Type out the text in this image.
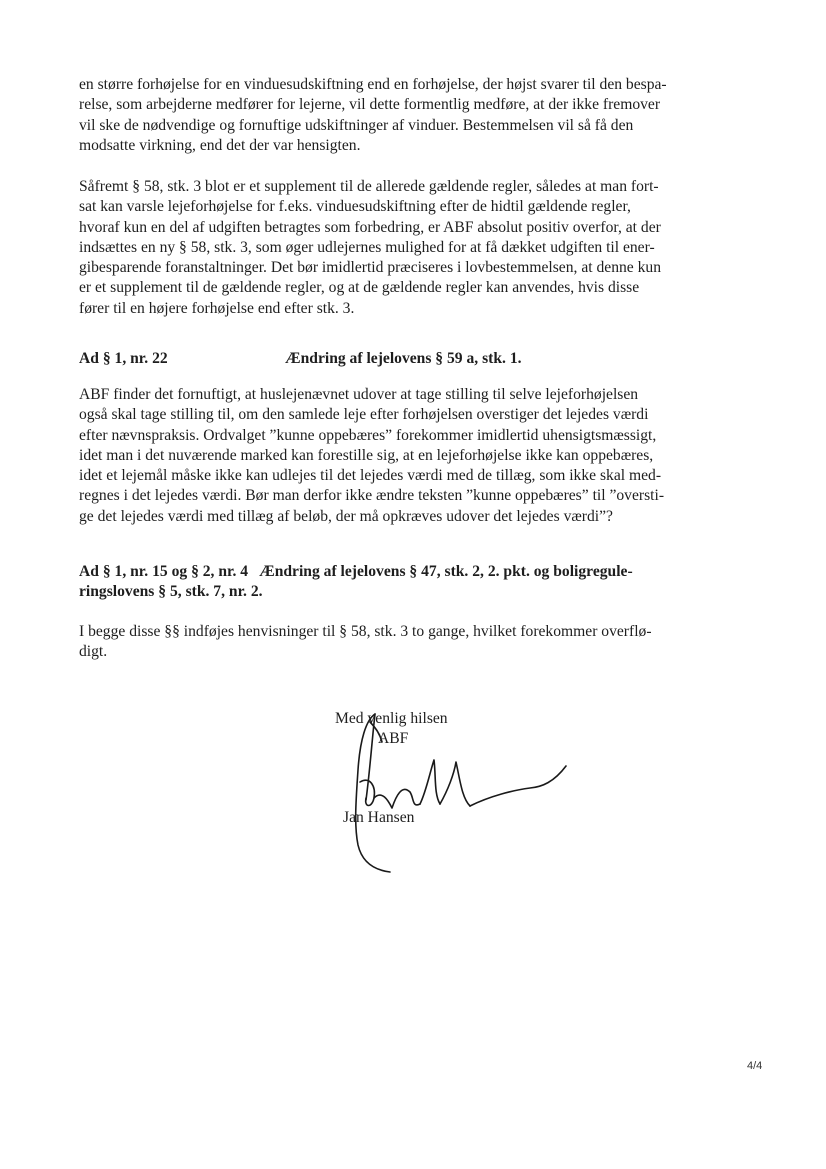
en større forhøjelse for en vinduesudskiftning end en forhøjelse, der højst svarer til den bespa-
relse, som arbejderne medfører for lejerne, vil dette formentlig medføre, at der ikke fremover
vil ske de nødvendige og fornuftige udskiftninger af vinduer. Bestemmelsen vil så få den
modsatte virkning, end det der var hensigten.

Såfremt § 58, stk. 3 blot er et supplement til de allerede gældende regler, således at man fort-
sat kan varsle lejeforhøjelse for f.eks. vinduesudskiftning efter de hidtil gældende regler,
hvoraf kun en del af udgiften betragtes som forbedring, er ABF absolut positiv overfor, at der
indsættes en ny § 58, stk. 3, som øger udlejernes mulighed for at få dækket udgiften til ener-
gibesparende foranstaltninger. Det bør imidlertid præciseres i lovbestemmelsen, at denne kun
er et supplement til de gældende regler, og at de gældende regler kan anvendes, hvis disse
fører til en højere forhøjelse end efter stk. 3.

Ad § 1, nr. 22	Ændring af lejelovens § 59 a, stk. 1.

ABF finder det fornuftigt, at huslejenævnet udover at tage stilling til selve lejeforhøjelsen
også skal tage stilling til, om den samlede leje efter forhøjelsen overstiger det lejedes værdi
efter nævnspraksis. Ordvalget ”kunne oppebæres” forekommer imidlertid uhensigtsmæssigt,
idet man i det nuværende marked kan forestille sig, at en lejeforhøjelse ikke kan oppebæres,
idet et lejemål måske ikke kan udlejes til det lejedes værdi med de tillæg, som ikke skal med-
regnes i det lejedes værdi. Bør man derfor ikke ændre teksten ”kunne oppebæres” til ”oversti-
ge det lejedes værdi med tillæg af beløb, der må opkræves udover det lejedes værdi”?

Ad § 1, nr. 15 og § 2, nr. 4 Ændring af lejelovens § 47, stk. 2, 2. pkt. og boligregule-
ringslovens § 5, stk. 7, nr. 2.

I begge disse §§ indføjes henvisninger til § 58, stk. 3 to gange, hvilket forekommer overflø-
digt.

Med venlig hilsen
ABF
Jan Hansen
4/4
